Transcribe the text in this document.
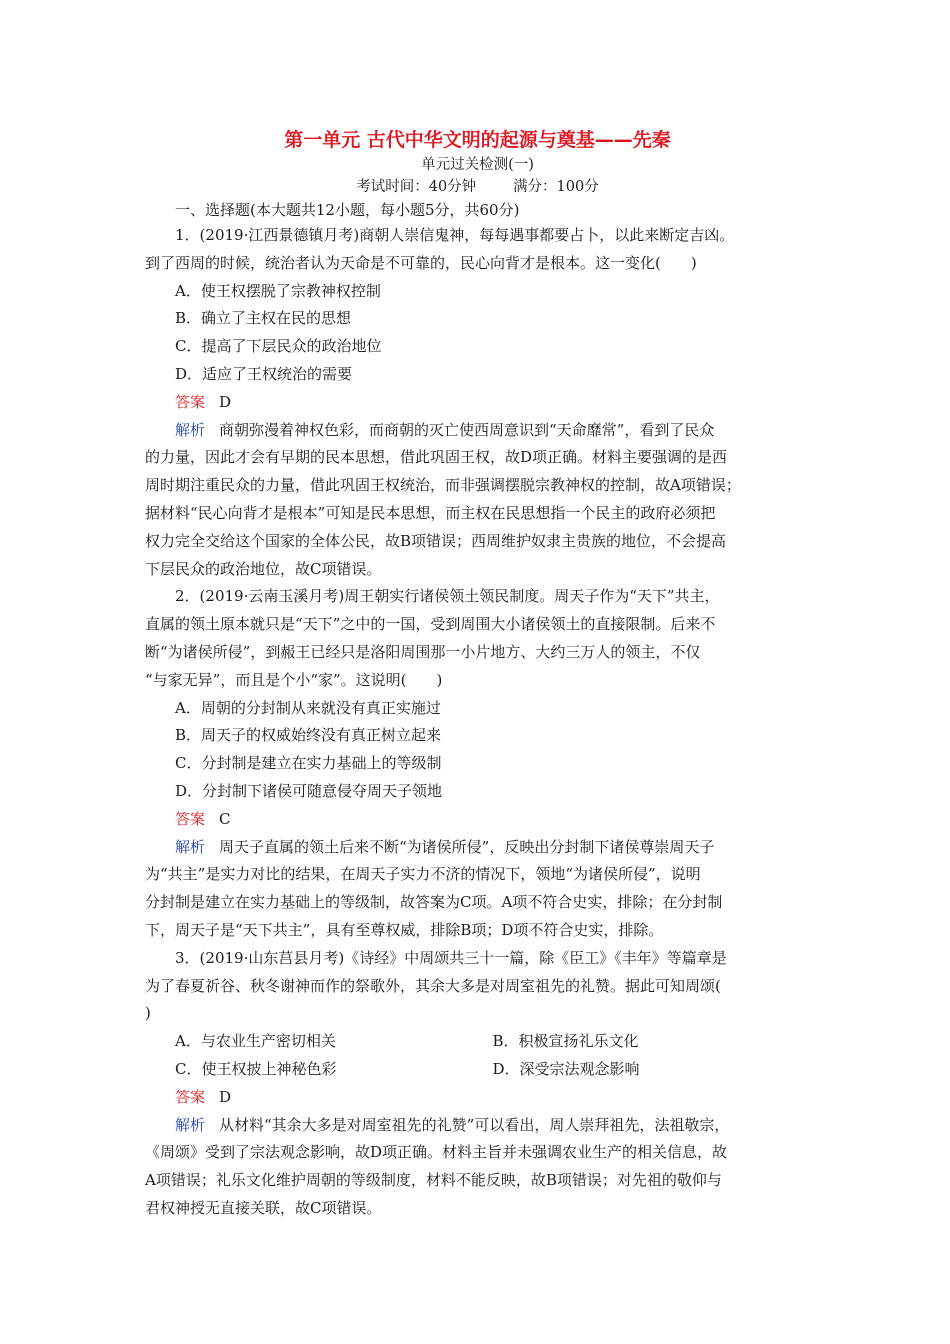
第一单元 古代中华文明的起源与奠基——先秦

单元过关检测(一)

考试时间：40分钟	满分：100分

一、选择题(本大题共12小题，每小题5分，共60分)

1．(2019·江西景德镇月考)商朝人崇信鬼神，每每遇事都要占卜，以此来断定吉凶。

到了西周的时候，统治者认为天命是不可靠的，民心向背才是根本。这一变化(　　)

A．使王权摆脱了宗教神权控制

B．确立了主权在民的思想

C．提高了下层民众的政治地位

D．适应了王权统治的需要

答案 D

解析 商朝弥漫着神权色彩，而商朝的灭亡使西周意识到“天命靡常”，看到了民众

的力量，因此才会有早期的民本思想，借此巩固王权，故D项正确。材料主要强调的是西

周时期注重民众的力量，借此巩固王权统治，而非强调摆脱宗教神权的控制，故A项错误；

据材料“民心向背才是根本”可知是民本思想，而主权在民思想指一个民主的政府必须把

权力完全交给这个国家的全体公民，故B项错误；西周维护奴隶主贵族的地位，不会提高

下层民众的政治地位，故C项错误。

2．(2019·云南玉溪月考)周王朝实行诸侯领土领民制度。周天子作为“天下”共主，

直属的领土原本就只是“天下”之中的一国，受到周围大小诸侯领土的直接限制。后来不

断“为诸侯所侵”，到赧王已经只是洛阳周围那一小片地方、大约三万人的领主，不仅

“与家无异”，而且是个小“家”。这说明(　　)

A．周朝的分封制从来就没有真正实施过

B．周天子的权威始终没有真正树立起来

C．分封制是建立在实力基础上的等级制

D．分封制下诸侯可随意侵夺周天子领地

答案 C

解析 周天子直属的领土后来不断“为诸侯所侵”，反映出分封制下诸侯尊崇周天子

为“共主”是实力对比的结果，在周天子实力不济的情况下，领地“为诸侯所侵”，说明

分封制是建立在实力基础上的等级制，故答案为C项。A项不符合史实，排除；在分封制

下，周天子是“天下共主”，具有至尊权威，排除B项；D项不符合史实，排除。

3．(2019·山东莒县月考)《诗经》中周颂共三十一篇，除《臣工》《丰年》等篇章是

为了春夏祈谷、秋冬谢神而作的祭歌外，其余大多是对周室祖先的礼赞。据此可知周颂(

)

A．与农业生产密切相关	B．积极宣扬礼乐文化
C．使王权披上神秘色彩	D．深受宗法观念影响

答案 D

解析 从材料“其余大多是对周室祖先的礼赞”可以看出，周人崇拜祖先，法祖敬宗，

《周颂》受到了宗法观念影响，故D项正确。材料主旨并未强调农业生产的相关信息，故

A项错误；礼乐文化维护周朝的等级制度，材料不能反映，故B项错误；对先祖的敬仰与

君权神授无直接关联，故C项错误。
